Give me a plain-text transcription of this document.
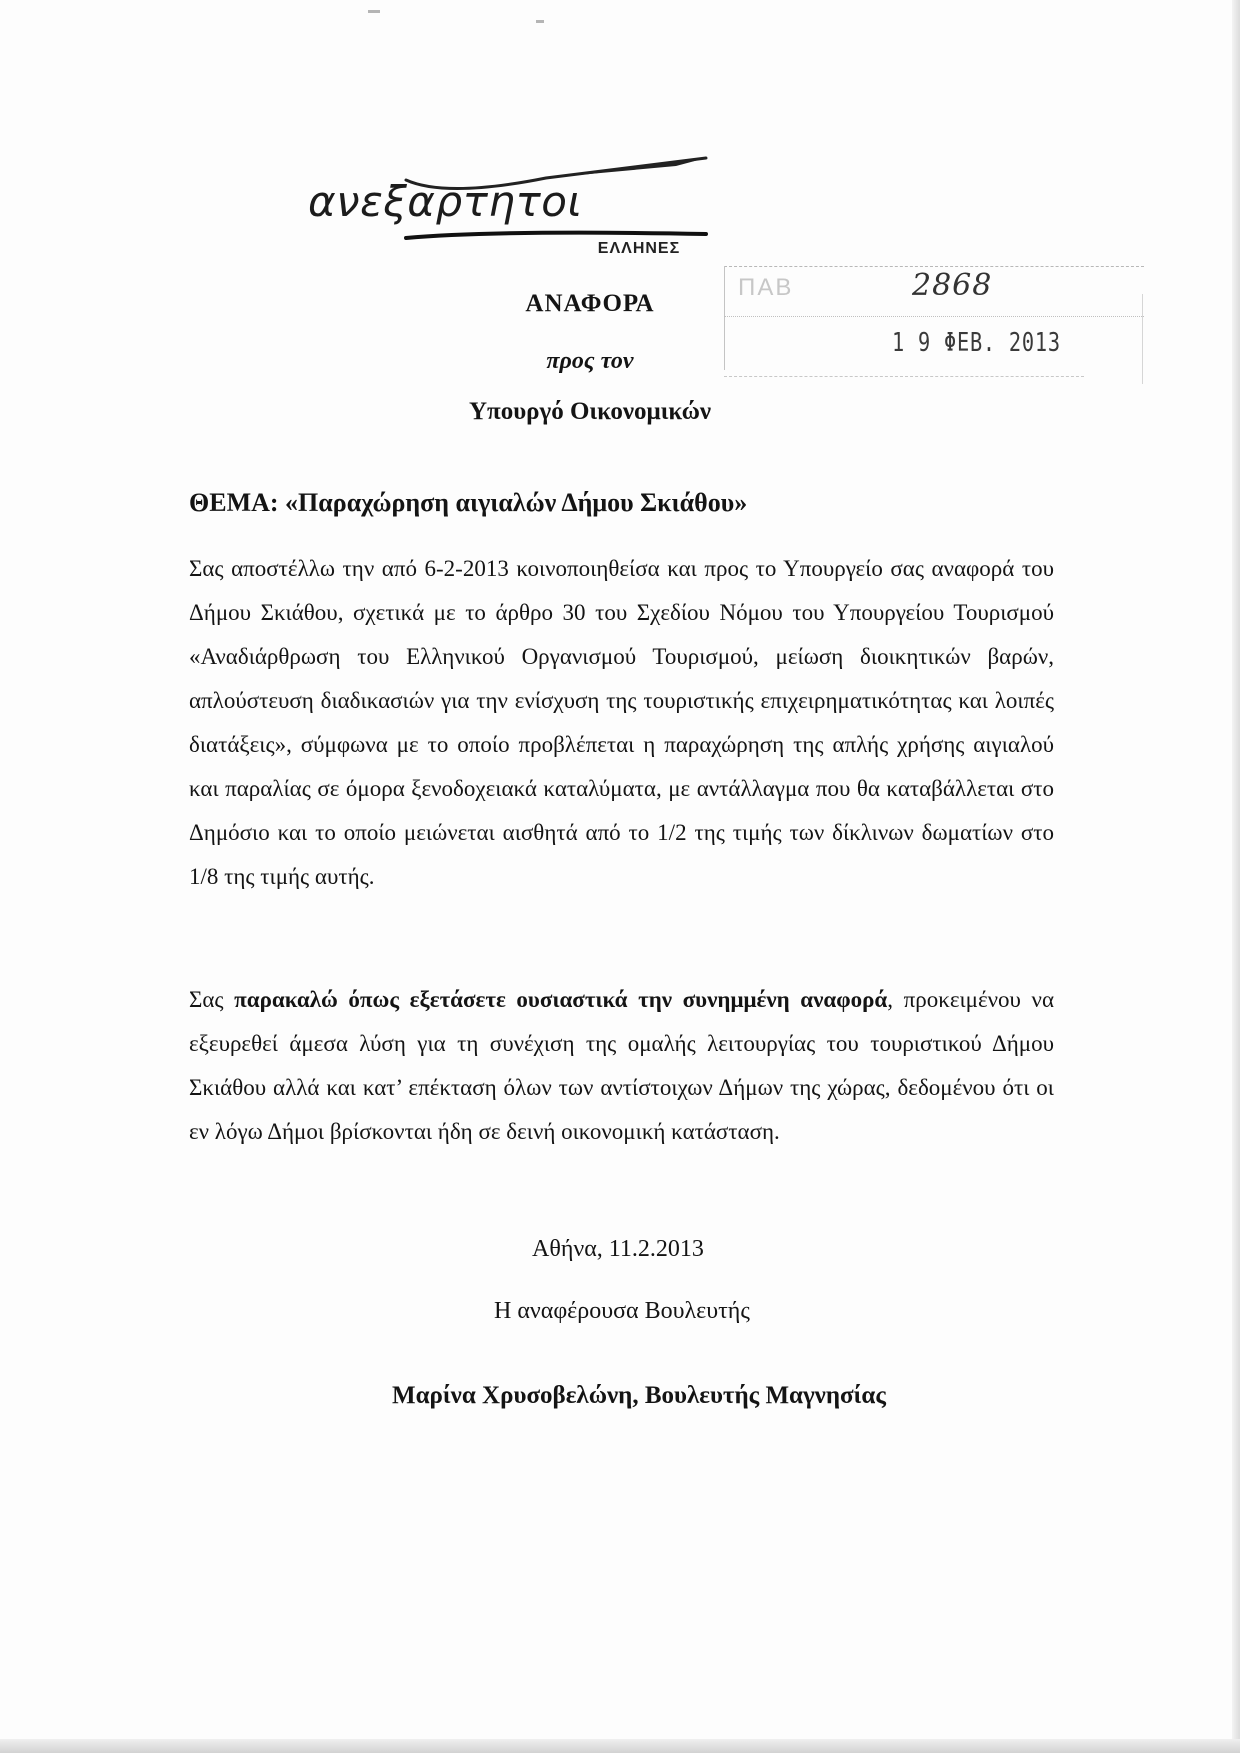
ανεξαρτητοι
ΕΛΛΗΝΕΣ
ΠΑΒ	2868
1 9 ΦΕΒ. 2013
ΑΝΑΦΟΡΑ
προς τον
Υπουργό Οικονομικών

ΘΕΜΑ: «Παραχώρηση αιγιαλών Δήμου Σκιάθου»

Σας αποστέλλω την από 6-2-2013 κοινοποιηθείσα και προς το Υπουργείο σας αναφορά του Δήμου Σκιάθου, σχετικά με το άρθρο 30 του Σχεδίου Νόμου του Υπουργείου Τουρισμού «Αναδιάρθρωση του Ελληνικού Οργανισμού Τουρισμού, μείωση διοικητικών βαρών, απλούστευση διαδικασιών για την ενίσχυση της τουριστικής επιχειρηματικότητας και λοιπές διατάξεις», σύμφωνα με το οποίο προβλέπεται η παραχώρηση της απλής χρήσης αιγιαλού και παραλίας σε όμορα ξενοδοχειακά καταλύματα, με αντάλλαγμα που θα καταβάλλεται στο Δημόσιο και το οποίο μειώνεται αισθητά από το 1/2 της τιμής των δίκλινων δωματίων στο 1/8 της τιμής αυτής.

Σας παρακαλώ όπως εξετάσετε ουσιαστικά την συνημμένη αναφορά, προκειμένου να εξευρεθεί άμεσα λύση για τη συνέχιση της ομαλής λειτουργίας του τουριστικού Δήμου Σκιάθου αλλά και κατ’ επέκταση όλων των αντίστοιχων Δήμων της χώρας, δεδομένου ότι οι εν λόγω Δήμοι βρίσκονται ήδη σε δεινή οικονομική κατάσταση.

Αθήνα, 11.2.2013

Η αναφέρουσα Βουλευτής

Μαρίνα Χρυσοβελώνη, Βουλευτής Μαγνησίας
